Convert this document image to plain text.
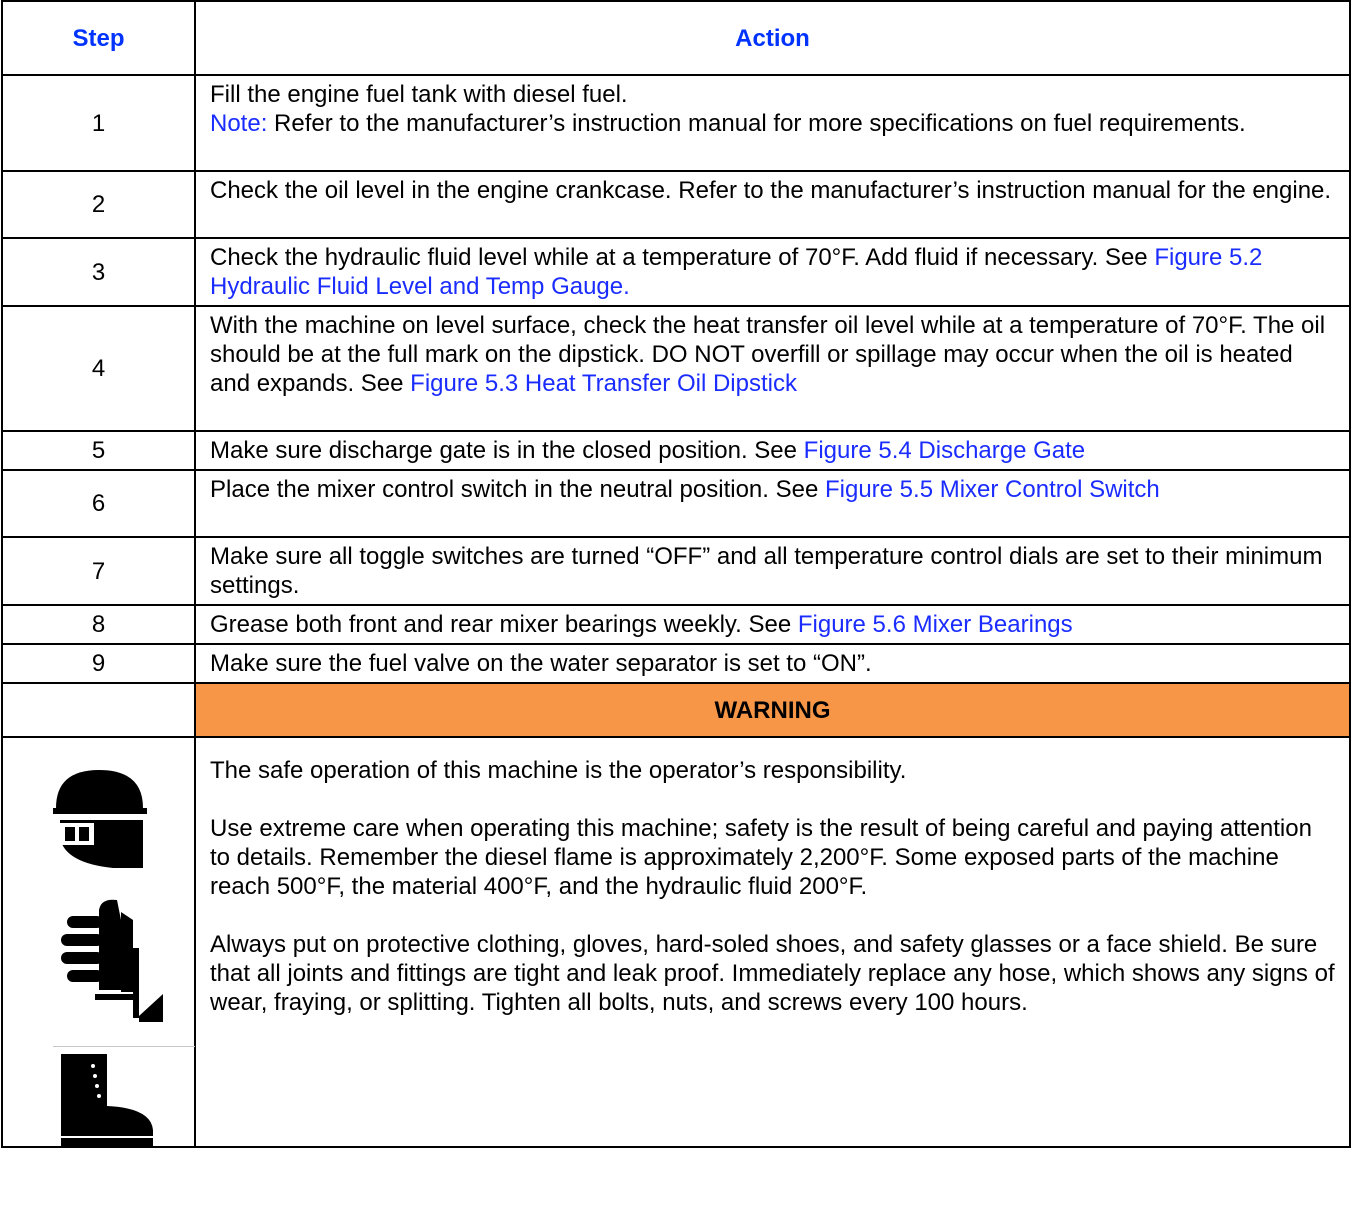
Step	Action
1	Fill the engine fuel tank with diesel fuel.
Note: Refer to the manufacturer’s instruction manual for more specifications on fuel requirements.
2	Check the oil level in the engine crankcase. Refer to the manufacturer’s instruction manual for the engine.
3	Check the hydraulic fluid level while at a temperature of 70°F. Add fluid if necessary. See Figure 5.2 Hydraulic Fluid Level and Temp Gauge.
4	With the machine on level surface, check the heat transfer oil level while at a temperature of 70°F. The oil should be at the full mark on the dipstick. DO NOT overfill or spillage may occur when the oil is heated and expands. See Figure 5.3 Heat Transfer Oil Dipstick
5	Make sure discharge gate is in the closed position. See Figure 5.4 Discharge Gate
6	Place the mixer control switch in the neutral position. See Figure 5.5 Mixer Control Switch
7	Make sure all toggle switches are turned “OFF” and all temperature control dials are set to their minimum settings.
8	Grease both front and rear mixer bearings weekly. See Figure 5.6 Mixer Bearings
9	Make sure the fuel valve on the water separator is set to “ON”.
	WARNING

The safe operation of this machine is the operator’s responsibility.

Use extreme care when operating this machine; safety is the result of being careful and paying attention to details. Remember the diesel flame is approximately 2,200°F. Some exposed parts of the machine reach 500°F, the material 400°F, and the hydraulic fluid 200°F.

Always put on protective clothing, gloves, hard-soled shoes, and safety glasses or a face shield. Be sure that all joints and fittings are tight and leak proof. Immediately replace any hose, which shows any signs of wear, fraying, or splitting. Tighten all bolts, nuts, and screws every 100 hours.
